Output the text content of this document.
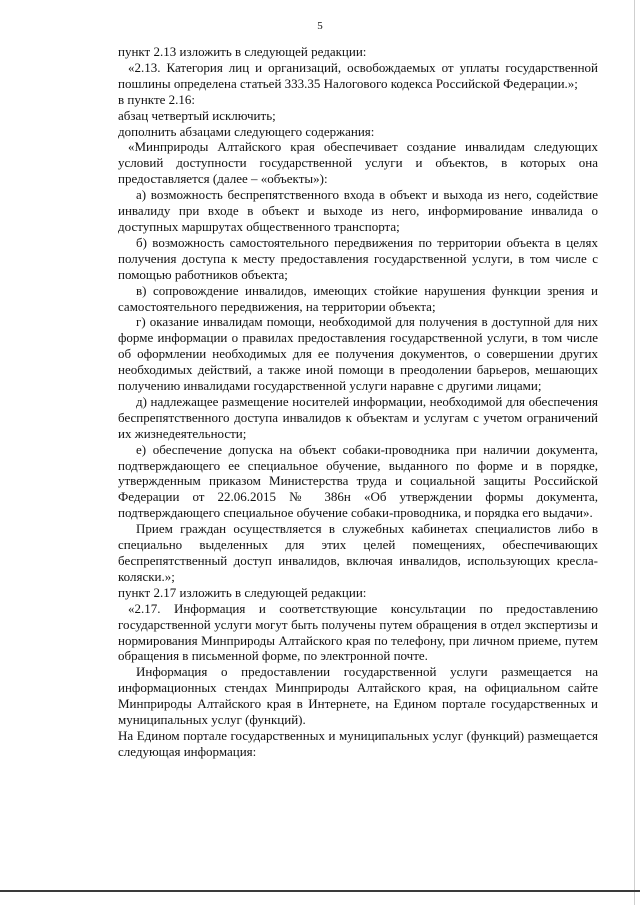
5

пункт 2.13 изложить в следующей редакции:

«2.13. Категория лиц и организаций, освобождаемых от уплаты государственной пошлины определена статьей 333.35 Налогового кодекса Российской Федерации.»;

в пункте 2.16:

абзац четвертый исключить;

дополнить абзацами следующего содержания:

«Минприроды Алтайского края обеспечивает создание инвалидам следующих условий доступности государственной услуги и объектов, в которых она предоставляется (далее – «объекты»):

а) возможность беспрепятственного входа в объект и выхода из него, содействие инвалиду при входе в объект и выходе из него, информирование инвалида о доступных маршрутах общественного транспорта;

б) возможность самостоятельного передвижения по территории объекта в целях получения доступа к месту предоставления государственной услуги, в том числе с помощью работников объекта;

в) сопровождение инвалидов, имеющих стойкие нарушения функции зрения и самостоятельного передвижения, на территории объекта;

г) оказание инвалидам помощи, необходимой для получения в доступной для них форме информации о правилах предоставления государственной услуги, в том числе об оформлении необходимых для ее получения документов, о совершении других необходимых действий, а также иной помощи в преодолении барьеров, мешающих получению инвалидами государственной услуги наравне с другими лицами;

д) надлежащее размещение носителей информации, необходимой для обеспечения беспрепятственного доступа инвалидов к объектам и услугам с учетом ограничений их жизнедеятельности;

е) обеспечение допуска на объект собаки-проводника при наличии документа, подтверждающего ее специальное обучение, выданного по форме и в порядке, утвержденным приказом Министерства труда и социальной защиты Российской Федерации от 22.06.2015 № 386н «Об утверждении формы документа, подтверждающего специальное обучение собаки-проводника, и порядка его выдачи».

Прием граждан осуществляется в служебных кабинетах специалистов либо в специально выделенных для этих целей помещениях, обеспечивающих беспрепятственный доступ инвалидов, включая инвалидов, использующих кресла-коляски.»;

пункт 2.17 изложить в следующей редакции:

«2.17. Информация и соответствующие консультации по предоставлению государственной услуги могут быть получены путем обращения в отдел экспертизы и нормирования Минприроды Алтайского края по телефону, при личном приеме, путем обращения в письменной форме, по электронной почте.

Информация о предоставлении государственной услуги размещается на информационных стендах Минприроды Алтайского края, на официальном сайте Минприроды Алтайского края в Интернете, на Едином портале государственных и муниципальных услуг (функций).

На Едином портале государственных и муниципальных услуг (функций) размещается следующая информация:
